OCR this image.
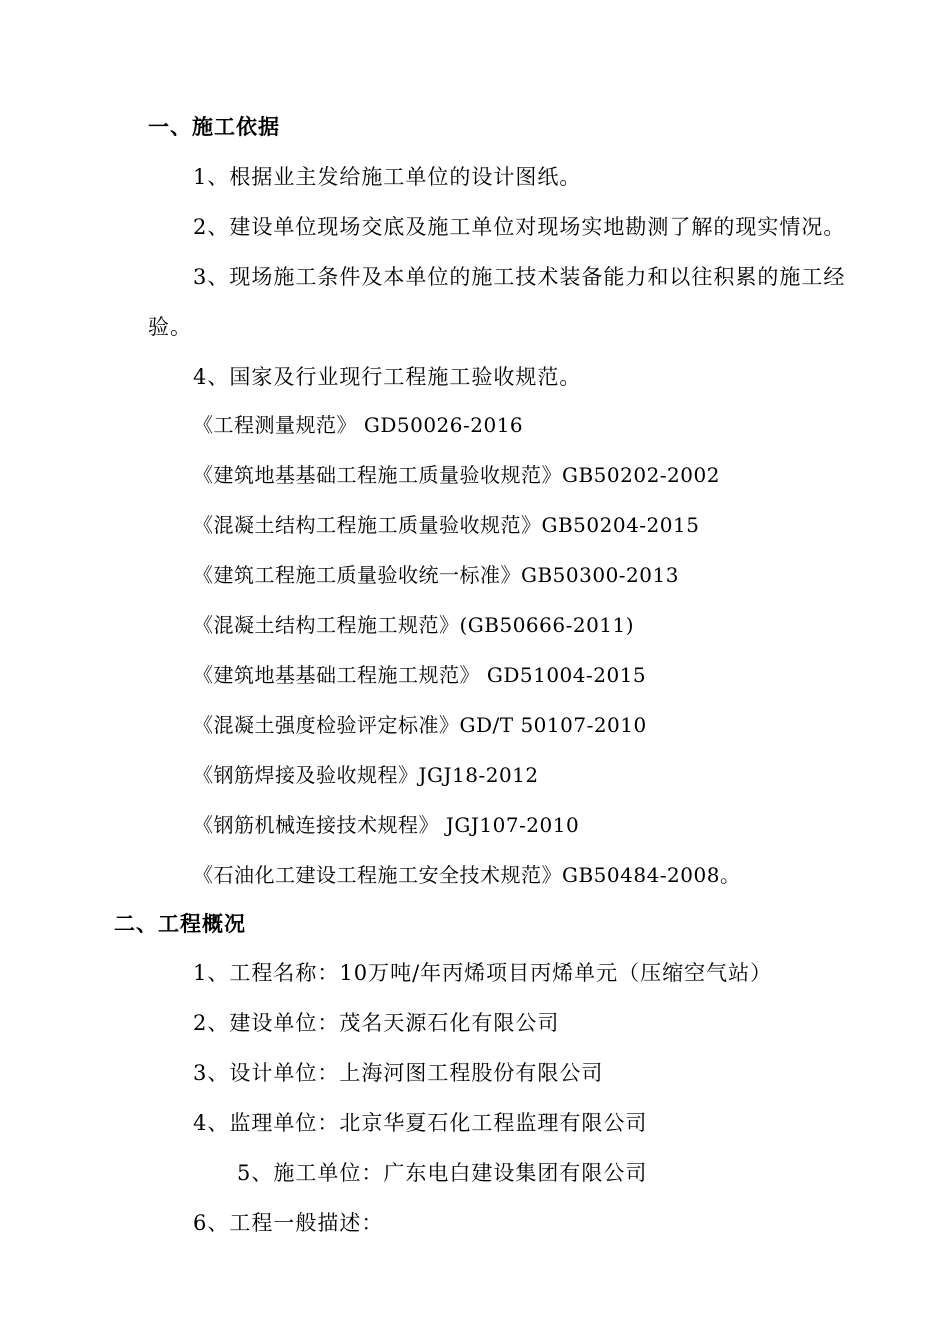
一、施工依据
1、根据业主发给施工单位的设计图纸。
2、建设单位现场交底及施工单位对现场实地勘测了解的现实情况。
3、现场施工条件及本单位的施工技术装备能力和以往积累的施工经
验。
4、国家及行业现行工程施工验收规范。
《工程测量规范》 GD50026-2016
《建筑地基基础工程施工质量验收规范》GB50202-2002
《混凝土结构工程施工质量验收规范》GB50204-2015
《建筑工程施工质量验收统一标准》GB50300-2013
《混凝土结构工程施工规范》(GB50666-2011)
《建筑地基基础工程施工规范》 GD51004-2015
《混凝土强度检验评定标准》GD/T 50107-2010
《钢筋焊接及验收规程》JGJ18-2012
《钢筋机械连接技术规程》 JGJ107-2010
《石油化工建设工程施工安全技术规范》GB50484-2008。
二、工程概况
1、工程名称：10万吨/年丙烯项目丙烯单元（压缩空气站）
2、建设单位：茂名天源石化有限公司
3、设计单位：上海河图工程股份有限公司
4、监理单位：北京华夏石化工程监理有限公司
5、施工单位：广东电白建设集团有限公司
6、工程一般描述：
